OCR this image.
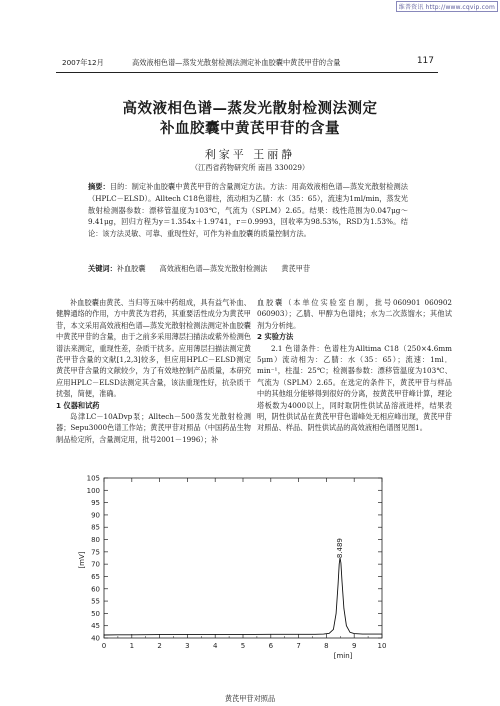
维普资讯 http://www.cqvip.com
2007年12月	高效液相色谱—蒸发光散射检测法测定补血胶囊中黄芪甲苷的含量	117
高效液相色谱—蒸发光散射检测法测定
补血胶囊中黄芪甲苷的含量
利家平 王丽静
（江西省药物研究所 南昌 330029）
摘要：目的：制定补血胶囊中黄芪甲苷的含量测定方法。方法：用高效液相色谱—蒸发光散射检测法（HPLC－ELSD）。Alltech C18色谱柱，流动相为乙腈：水（35：65），流速为1ml/min，蒸发光散射检测器参数：漂移管温度为103℃，气流为（SPLM）2.65。结果：线性范围为0.047μg～9.41μg，回归方程为y＝1.354x＋1.9741，r＝0.9993，回收率为98.53%，RSD为1.53%。结论：该方法灵敏、可靠、重现性好，可作为补血胶囊的质量控制方法。
关键词：补血胶囊 高效液相色谱—蒸发光散射检测法 黄芪甲苷

补血胶囊由黄芪、当归等五味中药组成，具有益气补血、健脾通络的作用，方中黄芪为君药，其重要活性成分为黄芪甲苷，本文采用高效液相色谱—蒸发光散射检测法测定补血胶囊中黄芪甲苷的含量，由于之前多采用薄层扫描法或紫外检测色谱法来测定，重现性差，杂质干扰多。应用薄层扫描法测定黄芪甲苷含量的文献[1,2,3]较多，但应用HPLC－ELSD测定黄芪甲苷含量的文献较少，为了有效地控制产品质量，本研究应用HPLC－ELSD法测定其含量，该法重现性好，抗杂质干扰强，简便，准确。

1 仪器和试药

岛津LC－10ADvp泵；Alltech－500蒸发光散射检测器；Sepu3000色谱工作站；黄芪甲苷对照品（中国药品生物制品检定所，含量测定用，批号2001－1996）；补

血胶囊（本单位实验室自制，批号060901 060902 060903）；乙腈、甲醇为色谱纯；水为二次蒸馏水；其他试剂为分析纯。

2 实验方法

2.1 色谱条件：色谱柱为Alltima C18（250×4.6mm 5μm）流动相为：乙腈：水（35：65）；流速：1ml．min⁻¹，柱温：25℃；检测器参数：漂移管温度为103℃、气流为（SPLM）2.65。在选定的条件下，黄芪甲苷与样品中的其他组分能够得到很好的分离，按黄芪甲苷峰计算，理论塔板数为4000以上，同时取阴性供试品溶液进样，结果表明，阴性供试品在黄芪甲苷色谱峰处无相应峰出现，黄芪甲苷对照品、样品、阴性供试品的高效液相色谱图见图1。

40
45
50
55
60
65
70
75
80
85
90
95
100
105
0	1	2	3	4	5	6	7	8	9	10
[mV]
[min]
8.489
黄芪甲苷对照品
